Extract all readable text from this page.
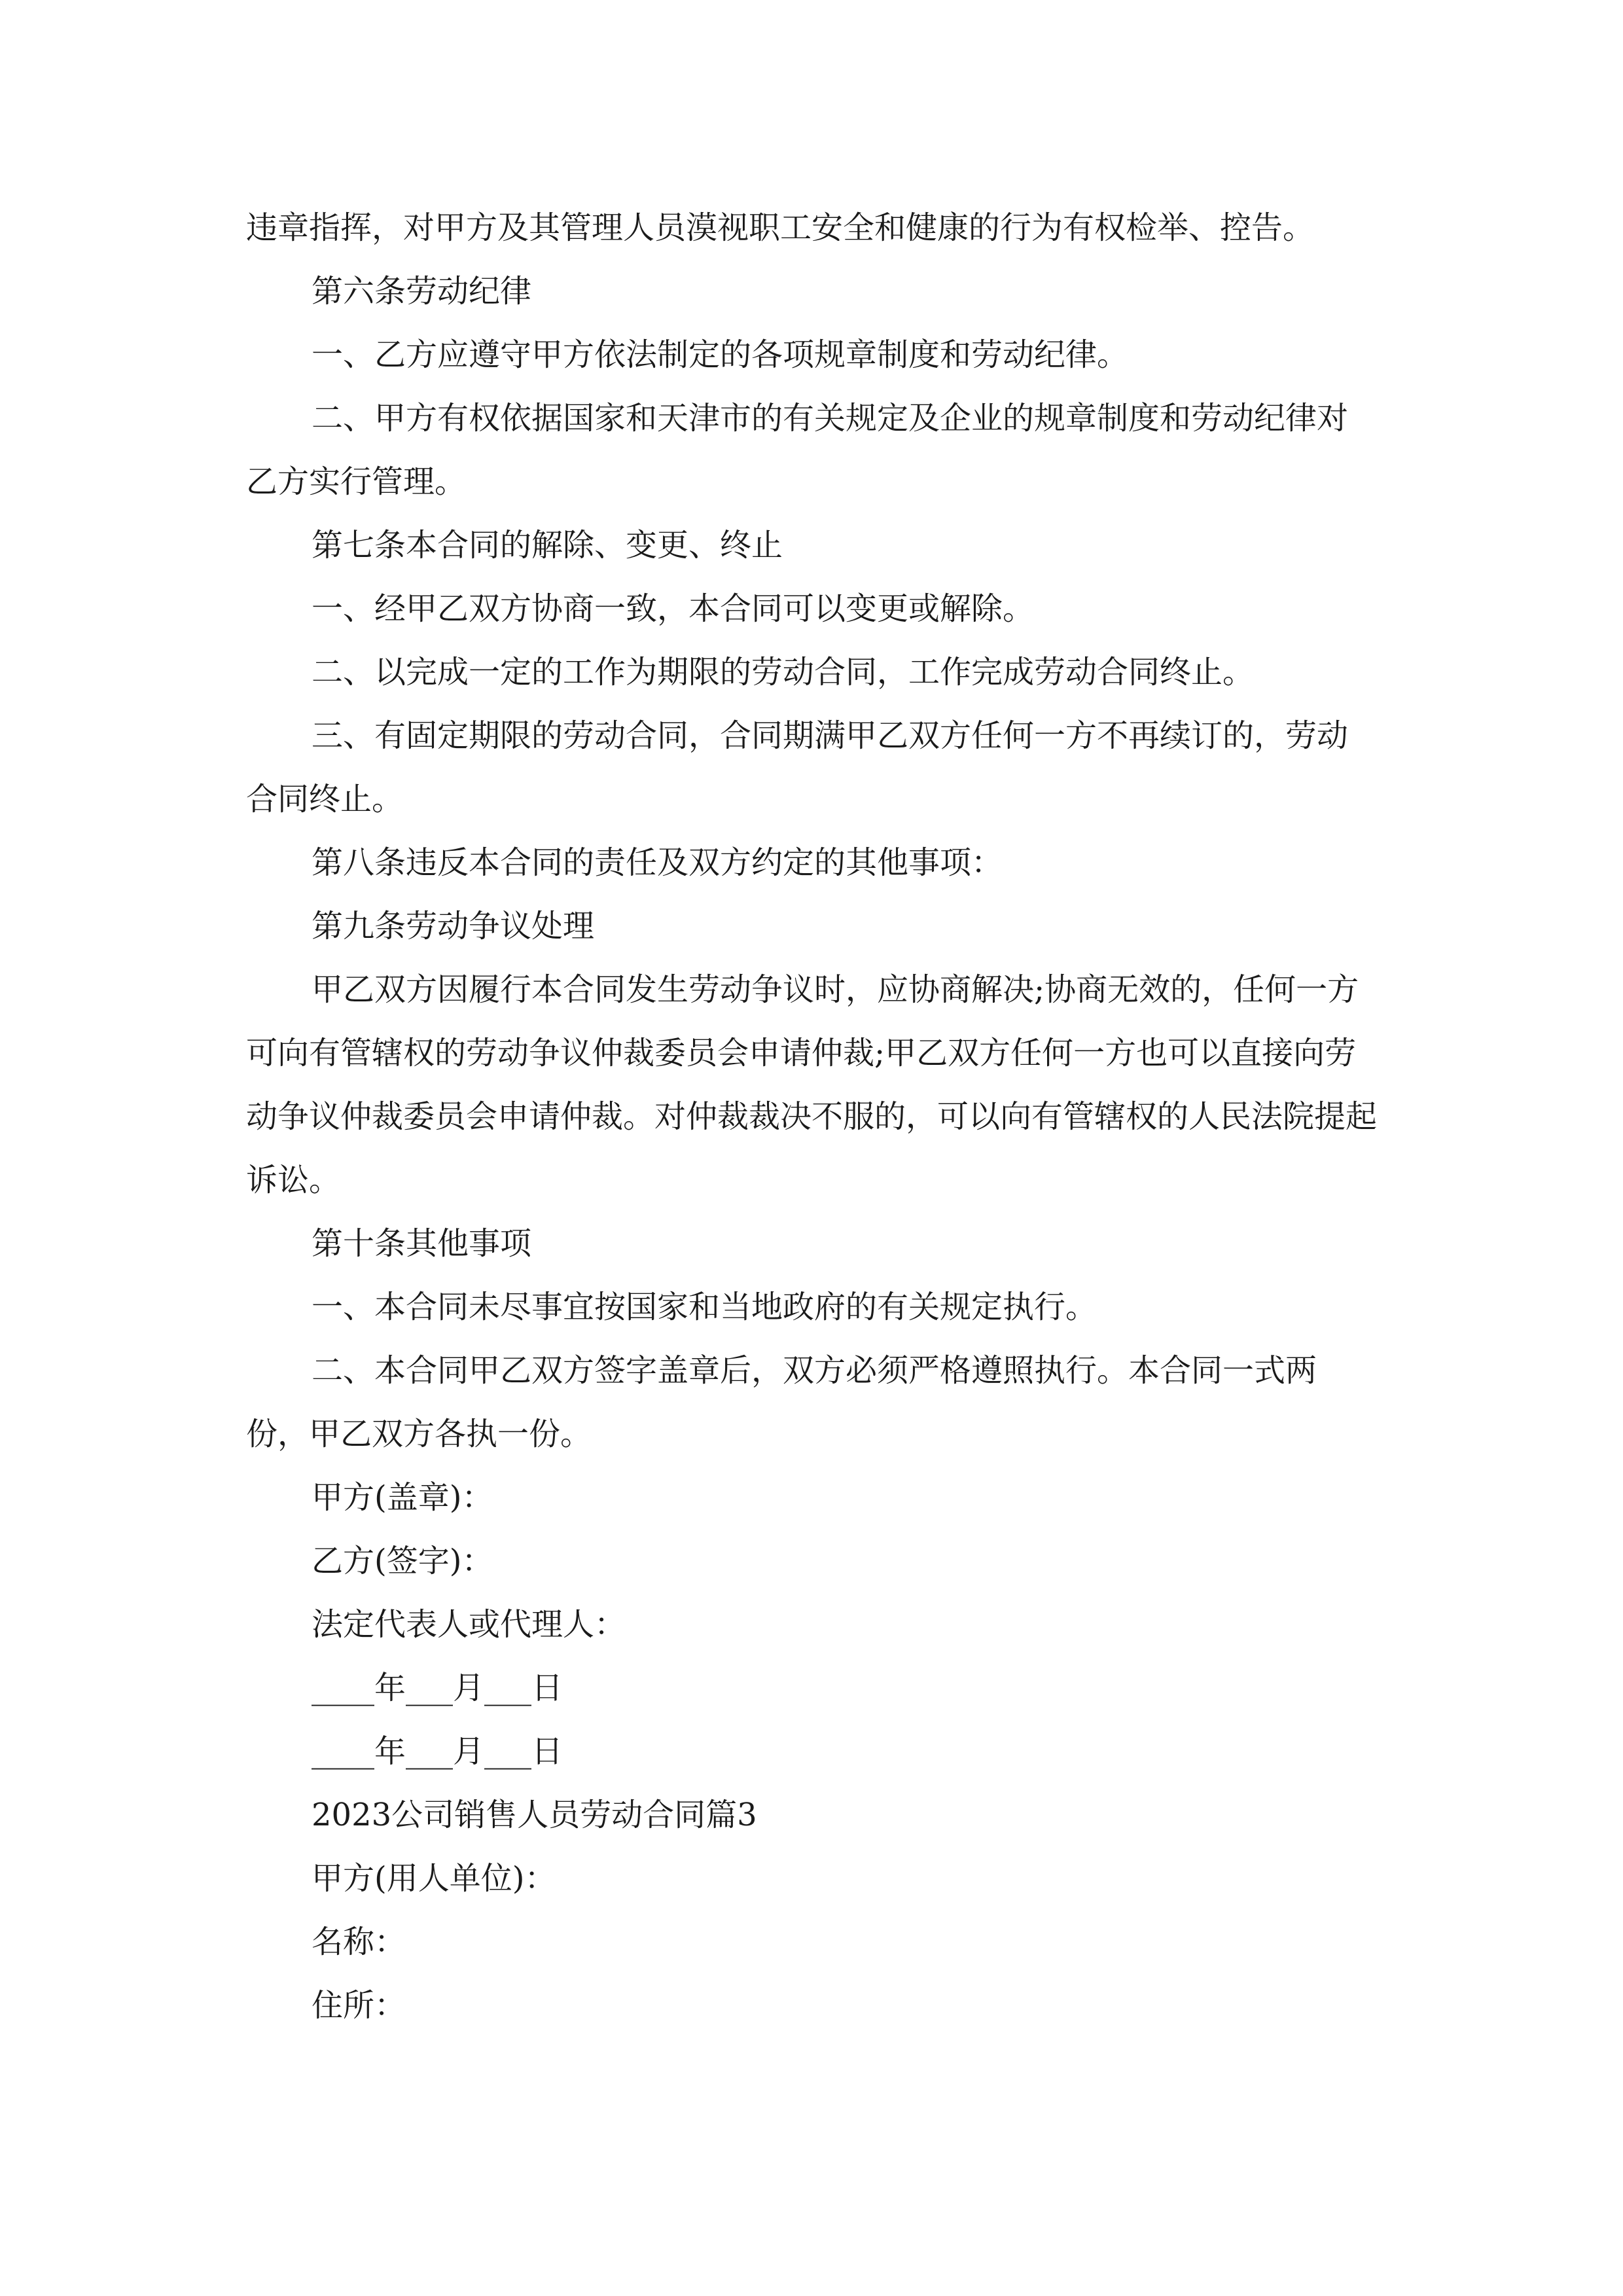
违章指挥，对甲方及其管理人员漠视职工安全和健康的行为有权检举、控告。

第六条劳动纪律

一、乙方应遵守甲方依法制定的各项规章制度和劳动纪律。

二、甲方有权依据国家和天津市的有关规定及企业的规章制度和劳动纪律对乙方实行管理。

第七条本合同的解除、变更、终止

一、经甲乙双方协商一致，本合同可以变更或解除。

二、以完成一定的工作为期限的劳动合同，工作完成劳动合同终止。

三、有固定期限的劳动合同，合同期满甲乙双方任何一方不再续订的，劳动合同终止。

第八条违反本合同的责任及双方约定的其他事项：

第九条劳动争议处理

甲乙双方因履行本合同发生劳动争议时，应协商解决;协商无效的，任何一方可向有管辖权的劳动争议仲裁委员会申请仲裁;甲乙双方任何一方也可以直接向劳动争议仲裁委员会申请仲裁。对仲裁裁决不服的，可以向有管辖权的人民法院提起诉讼。

第十条其他事项

一、本合同未尽事宜按国家和当地政府的有关规定执行。

二、本合同甲乙双方签字盖章后，双方必须严格遵照执行。本合同一式两份，甲乙双方各执一份。

甲方(盖章)：

乙方(签字)：

法定代表人或代理人：

____年___月___日

____年___月___日

2023公司销售人员劳动合同篇3

甲方(用人单位)：

名称：

住所：
